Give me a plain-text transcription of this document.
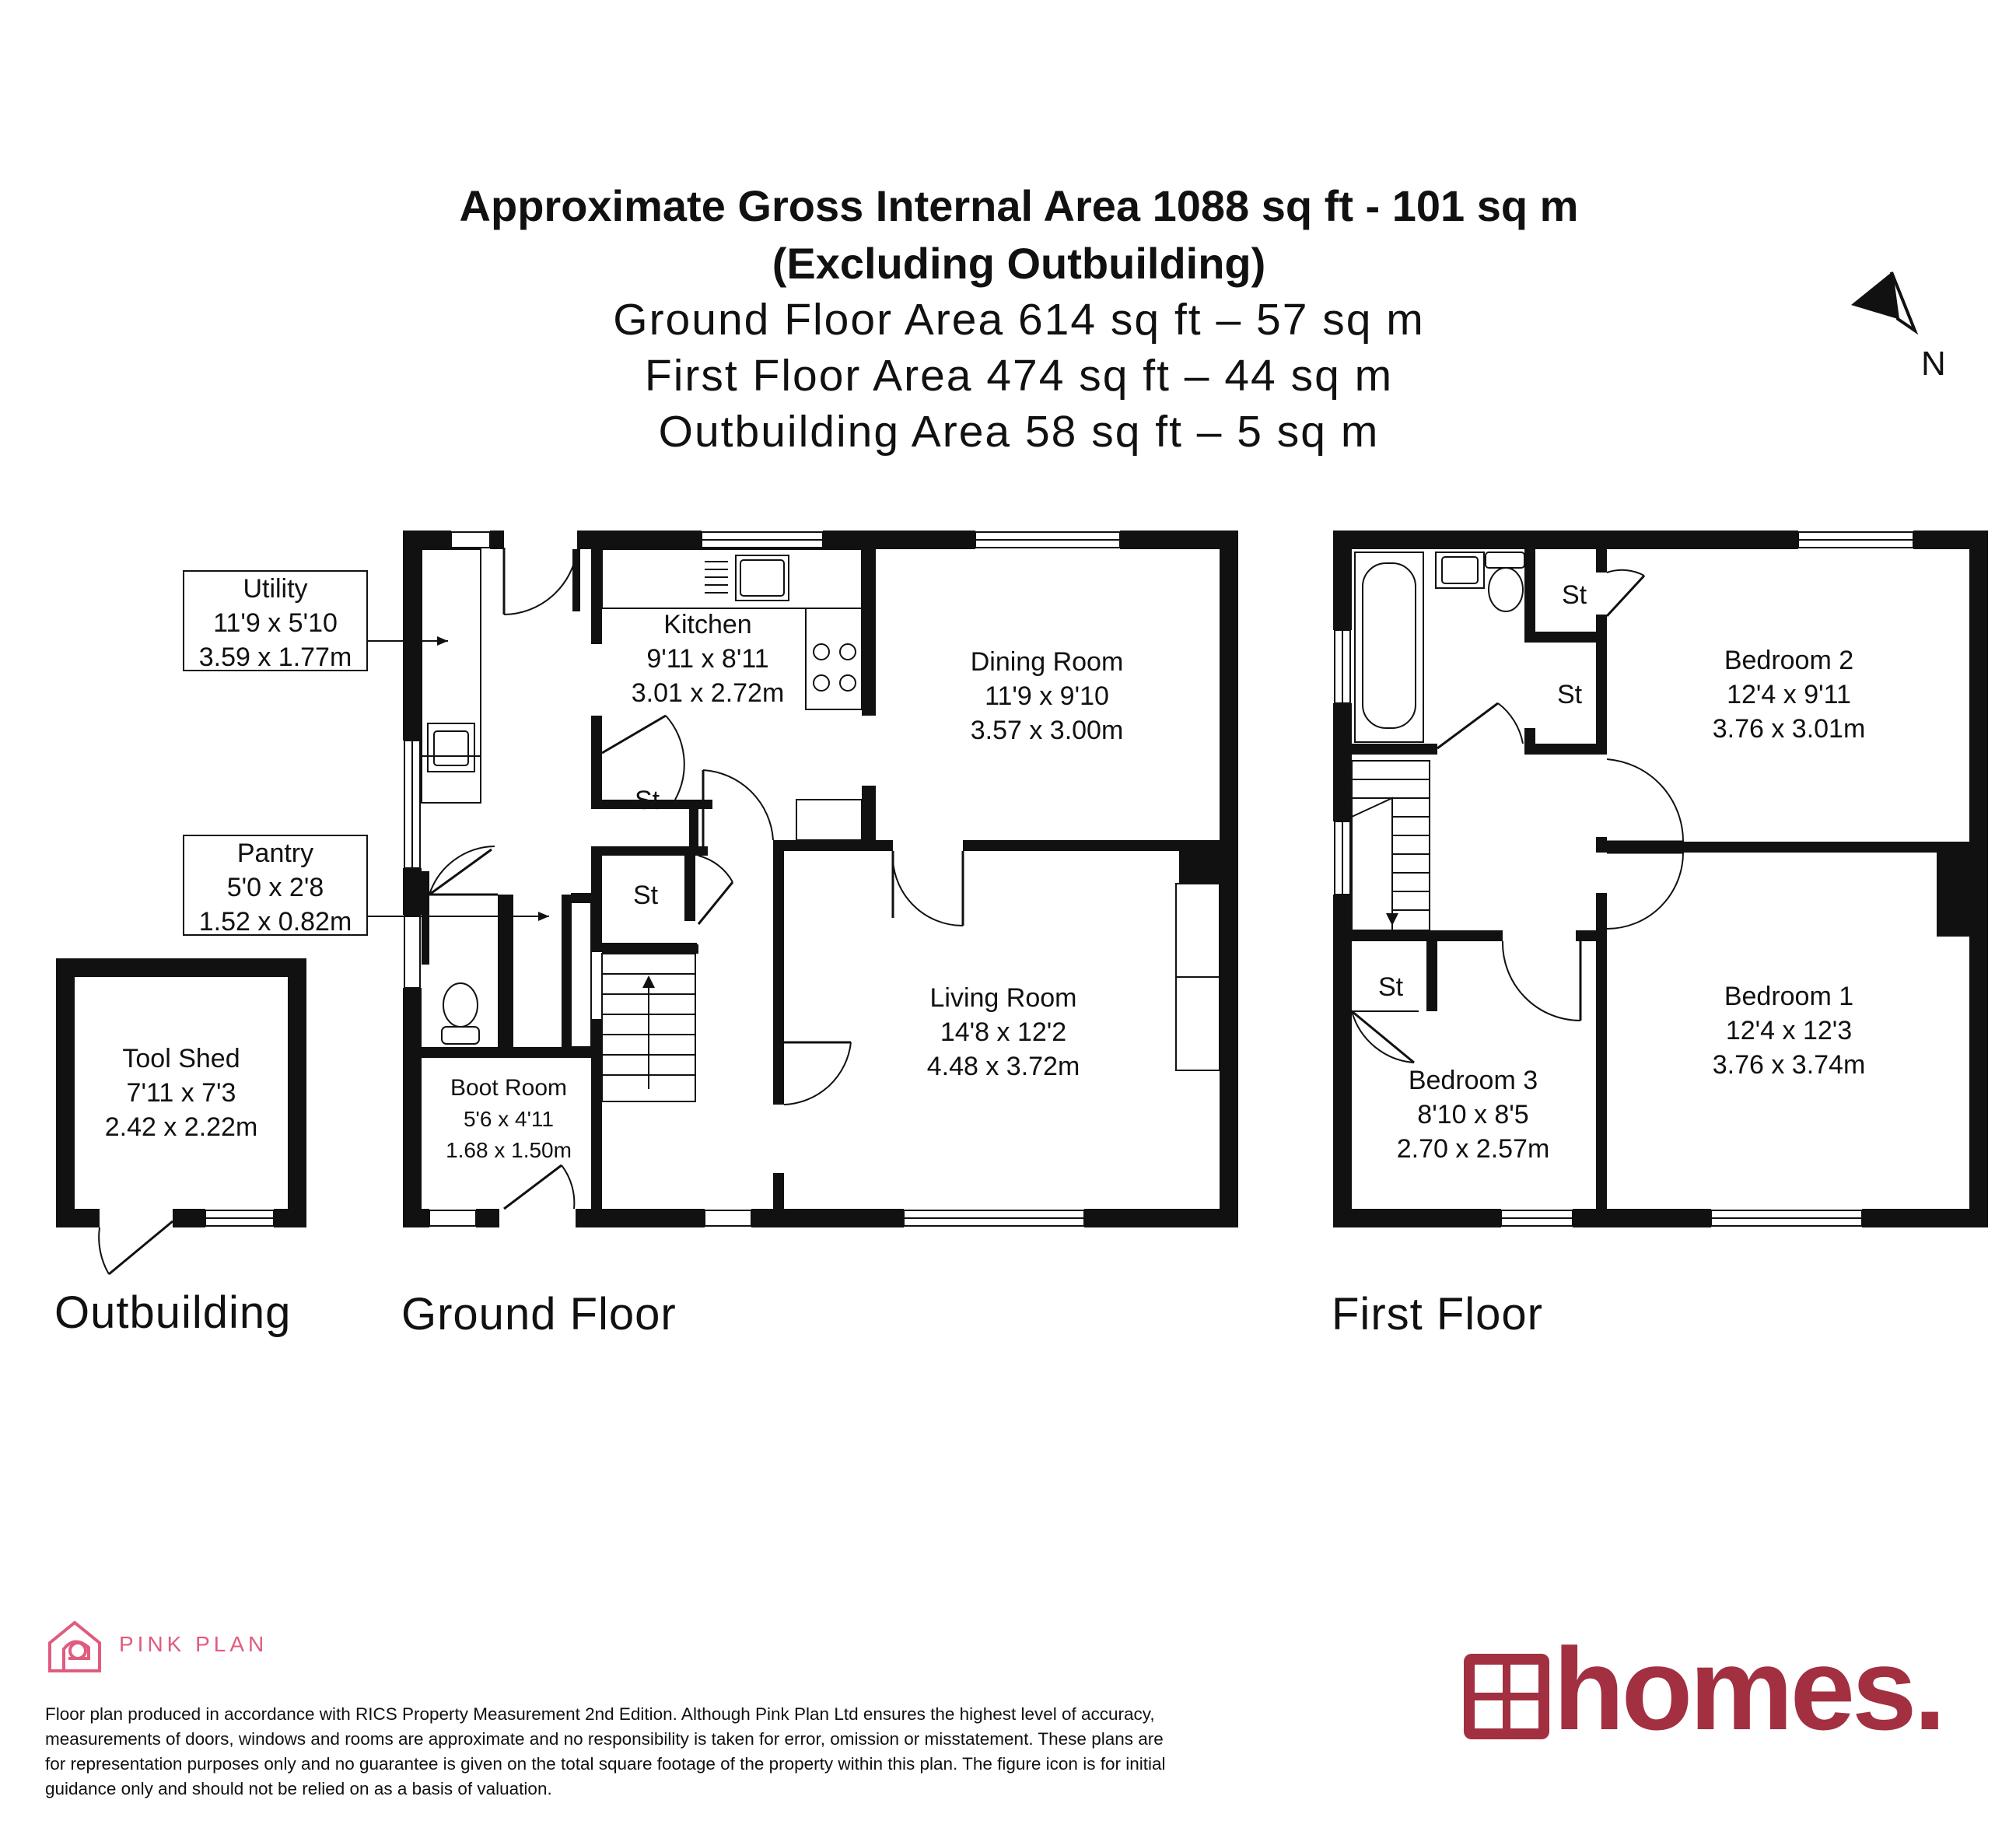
Approximate Gross Internal Area 1088 sq ft - 101 sq m
(Excluding Outbuilding)
Ground Floor Area 614 sq ft – 57 sq m
First Floor Area 474 sq ft – 44 sq m
Outbuilding Area 58 sq ft – 5 sq m
N
Tool Shed
7'11 x 7'3
2.42 x 2.22m
Utility
11'9 x 5'10
3.59 x 1.77m
Pantry
5'0 x 2'8
1.52 x 0.82m
Kitchen
9'11 x 8'11
3.01 x 2.72m
Dining Room
11'9 x 9'10
3.57 x 3.00m
Living Room
14'8 x 12'2
4.48 x 3.72m
Boot Room
5'6 x 4'11
1.68 x 1.50m
St
St
Bedroom 2
12'4 x 9'11
3.76 x 3.01m
Bedroom 1
12'4 x 12'3
3.76 x 3.74m
Bedroom 3
8'10 x 8'5
2.70 x 2.57m
St
St
St
Outbuilding Ground Floor	First Floor
PINK PLAN
Floor plan produced in accordance with RICS Property Measurement 2nd Edition. Although Pink Plan Ltd ensures the highest level of accuracy, measurements of doors, windows and rooms are approximate and no responsibility is taken for error, omission or misstatement. These plans are for representation purposes only and no guarantee is given on the total square footage of the property within this plan. The figure icon is for initial guidance only and should not be relied on as a basis of valuation.
homes.
